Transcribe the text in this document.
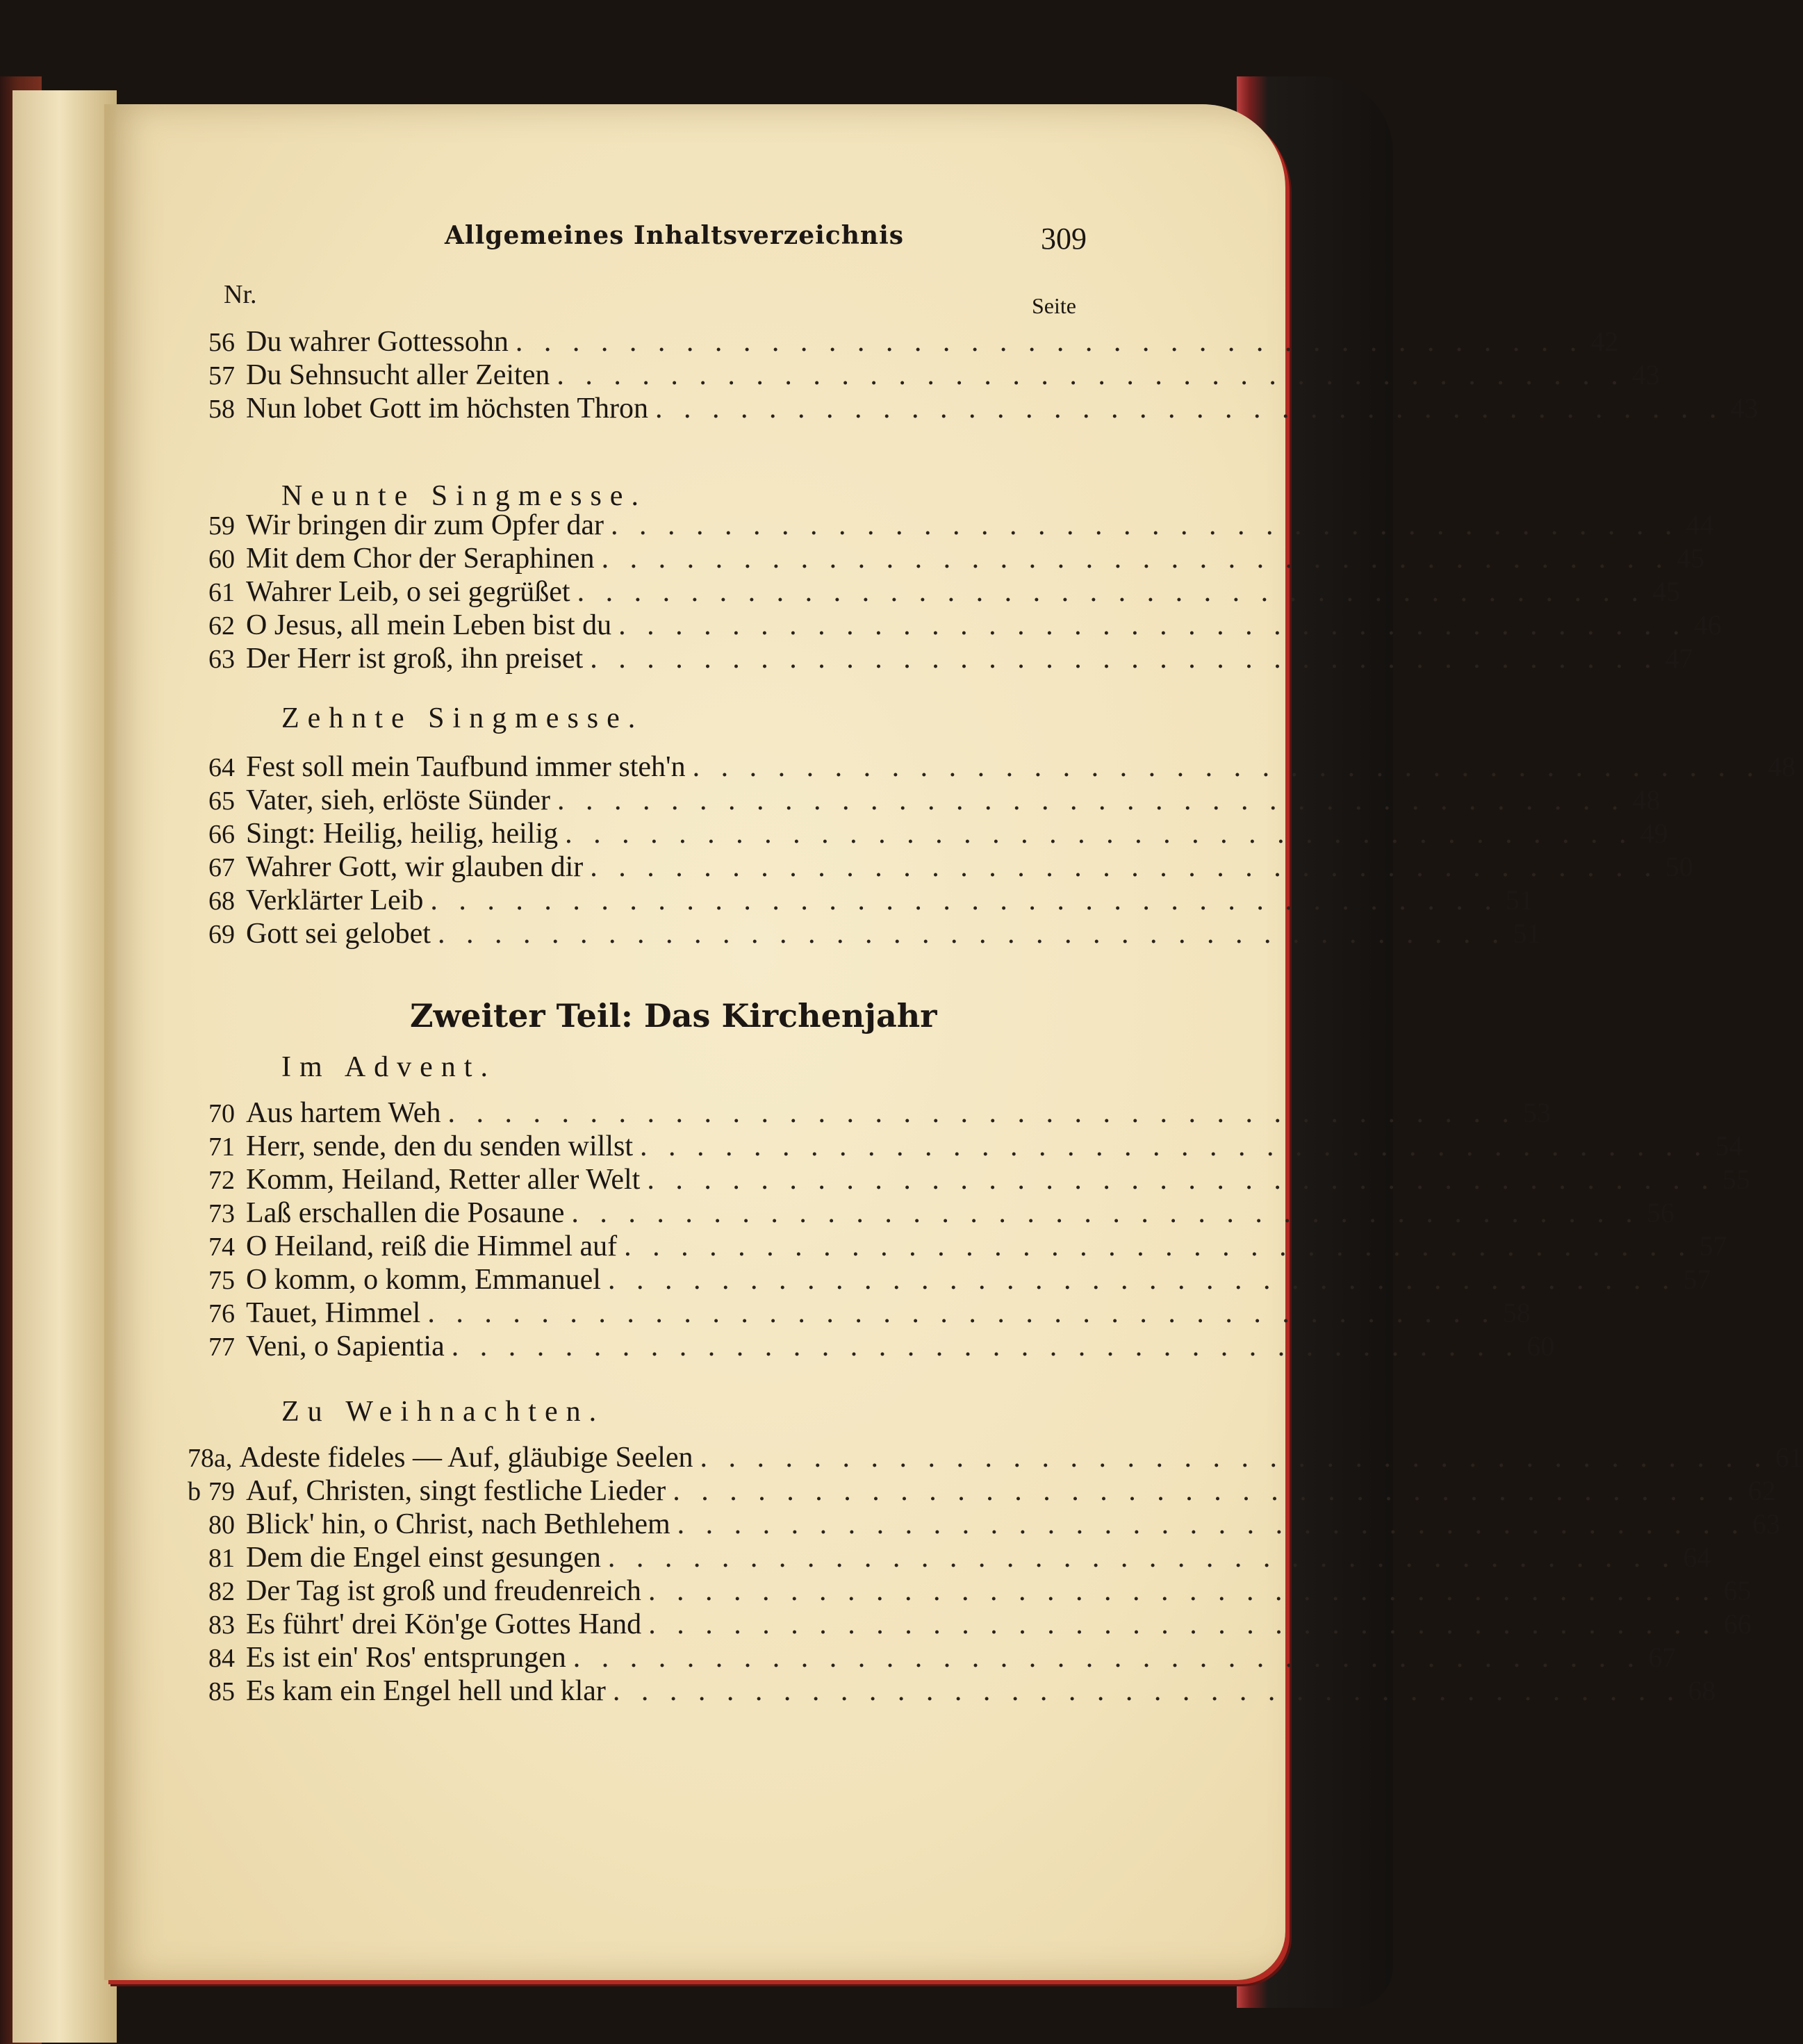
Allgemeines Inhaltsverzeichnis	309
Nr.	Seite
56 Du wahrer Gottessohn . . . . . . . . . . . . . . . . . . . . . . . . . . . . . . . . . . . . . . 42
57 Du Sehnsucht aller Zeiten . . . . . . . . . . . . . . . . . . . . . . . . . . . . . . . . . . . . . . 43
58 Nun lobet Gott im höchsten Thron . . . . . . . . . . . . . . . . . . . . . . . . . . . . . . . . . . . . . . 43
Neunte Singmesse.
59 Wir bringen dir zum Opfer dar . . . . . . . . . . . . . . . . . . . . . . . . . . . . . . . . . . . . . . 44
60 Mit dem Chor der Seraphinen . . . . . . . . . . . . . . . . . . . . . . . . . . . . . . . . . . . . . . 45
61 Wahrer Leib, o sei gegrüßet . . . . . . . . . . . . . . . . . . . . . . . . . . . . . . . . . . . . . . 45
62 O Jesus, all mein Leben bist du . . . . . . . . . . . . . . . . . . . . . . . . . . . . . . . . . . . . . . 46
63 Der Herr ist groß, ihn preiset . . . . . . . . . . . . . . . . . . . . . . . . . . . . . . . . . . . . . . 47
Zehnte Singmesse.
64 Fest soll mein Taufbund immer steh'n . . . . . . . . . . . . . . . . . . . . . . . . . . . . . . . . . . . . . . 48
65 Vater, sieh, erlöste Sünder . . . . . . . . . . . . . . . . . . . . . . . . . . . . . . . . . . . . . . 48
66 Singt: Heilig, heilig, heilig . . . . . . . . . . . . . . . . . . . . . . . . . . . . . . . . . . . . . . 49
67 Wahrer Gott, wir glauben dir . . . . . . . . . . . . . . . . . . . . . . . . . . . . . . . . . . . . . . 50
68 Verklärter Leib . . . . . . . . . . . . . . . . . . . . . . . . . . . . . . . . . . . . . . 51
69 Gott sei gelobet . . . . . . . . . . . . . . . . . . . . . . . . . . . . . . . . . . . . . . 51
Zweiter Teil: Das Kirchenjahr
Im Advent.
70 Aus hartem Weh . . . . . . . . . . . . . . . . . . . . . . . . . . . . . . . . . . . . . . 53
71 Herr, sende, den du senden willst . . . . . . . . . . . . . . . . . . . . . . . . . . . . . . . . . . . . . . 54
72 Komm, Heiland, Retter aller Welt . . . . . . . . . . . . . . . . . . . . . . . . . . . . . . . . . . . . . . 55
73 Laß erschallen die Posaune . . . . . . . . . . . . . . . . . . . . . . . . . . . . . . . . . . . . . . 56
74 O Heiland, reiß die Himmel auf . . . . . . . . . . . . . . . . . . . . . . . . . . . . . . . . . . . . . . 57
75 O komm, o komm, Emmanuel . . . . . . . . . . . . . . . . . . . . . . . . . . . . . . . . . . . . . . 57
76 Tauet, Himmel . . . . . . . . . . . . . . . . . . . . . . . . . . . . . . . . . . . . . . 58
77 Veni, o Sapientia . . . . . . . . . . . . . . . . . . . . . . . . . . . . . . . . . . . . . . 60
Zu Weihnachten.
78a, b
Adeste fideles — Auf, gläubige Seelen . . . . . . . . . . . . . . . . . . . . . . . . . . . . . . . . . . . . . . 61
79 Auf, Christen, singt festliche Lieder . . . . . . . . . . . . . . . . . . . . . . . . . . . . . . . . . . . . . . 62
80 Blick' hin, o Christ, nach Bethlehem . . . . . . . . . . . . . . . . . . . . . . . . . . . . . . . . . . . . . . 63
81 Dem die Engel einst gesungen . . . . . . . . . . . . . . . . . . . . . . . . . . . . . . . . . . . . . . 64
82 Der Tag ist groß und freudenreich . . . . . . . . . . . . . . . . . . . . . . . . . . . . . . . . . . . . . . 65
83 Es führt' drei Kön'ge Gottes Hand . . . . . . . . . . . . . . . . . . . . . . . . . . . . . . . . . . . . . . 66
84 Es ist ein' Ros' entsprungen . . . . . . . . . . . . . . . . . . . . . . . . . . . . . . . . . . . . . . 67
85 Es kam ein Engel hell und klar . . . . . . . . . . . . . . . . . . . . . . . . . . . . . . . . . . . . . . 68
